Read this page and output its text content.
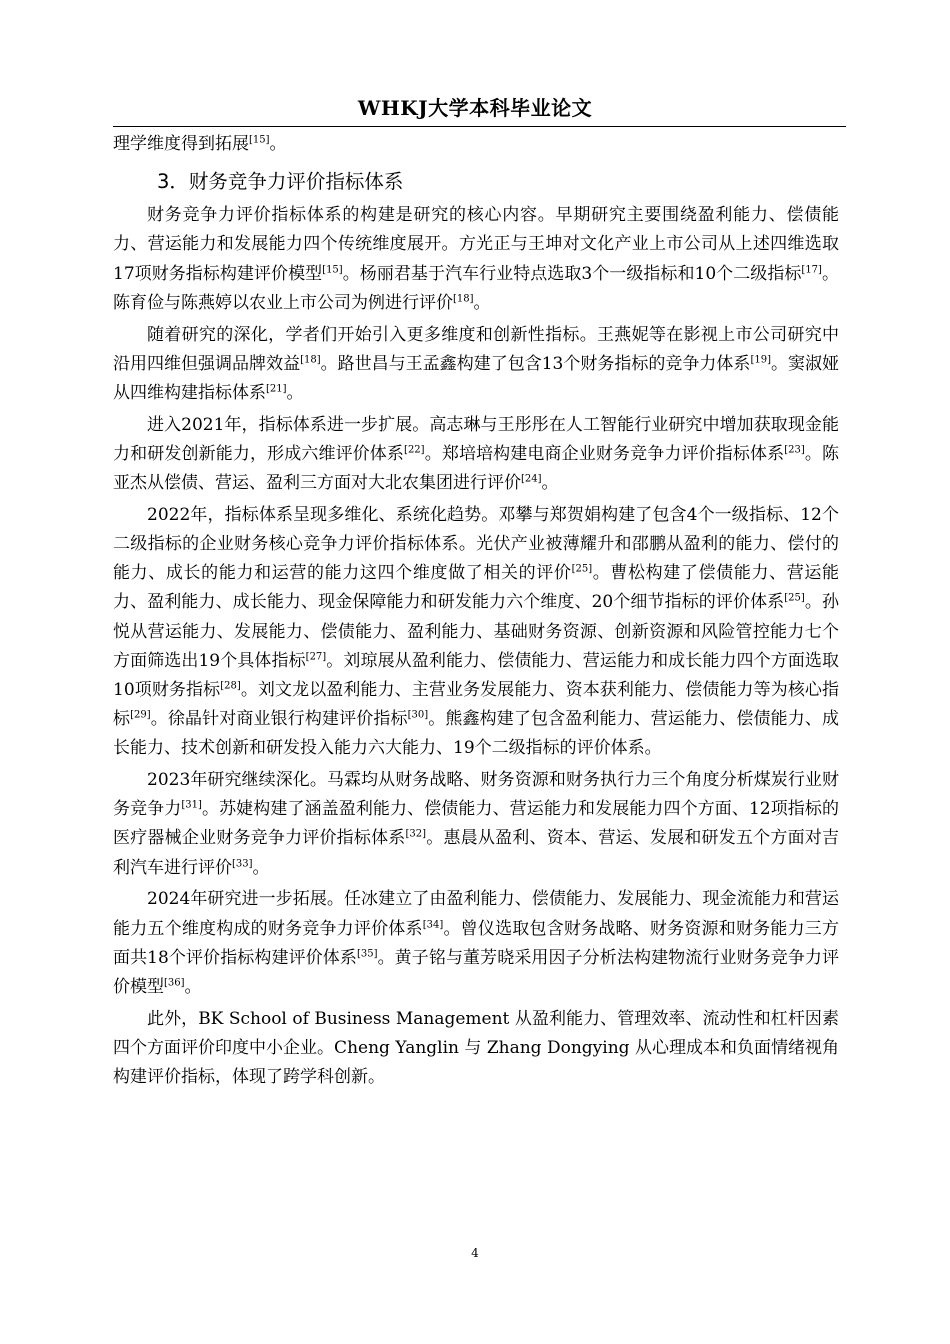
WHKJ大学本科毕业论文

理学维度得到拓展[15]。

3．财务竞争力评价指标体系

财务竞争力评价指标体系的构建是研究的核心内容。早期研究主要围绕盈利能力、偿债能力、营运能力和发展能力四个传统维度展开。方光正与王坤对文化产业上市公司从上述四维选取17项财务指标构建评价模型[15]。杨丽君基于汽车行业特点选取3个一级指标和10个二级指标[17]。陈育俭与陈燕婷以农业上市公司为例进行评价[18]。

随着研究的深化，学者们开始引入更多维度和创新性指标。王燕妮等在影视上市公司研究中沿用四维但强调品牌效益[18]。路世昌与王孟鑫构建了包含13个财务指标的竞争力体系[19]。窦淑娅从四维构建指标体系[21]。

进入2021年，指标体系进一步扩展。高志琳与王彤彤在人工智能行业研究中增加获取现金能力和研发创新能力，形成六维评价体系[22]。郑培培构建电商企业财务竞争力评价指标体系[23]。陈亚杰从偿债、营运、盈利三方面对大北农集团进行评价[24]。

2022年，指标体系呈现多维化、系统化趋势。邓攀与郑贺娟构建了包含4个一级指标、12个二级指标的企业财务核心竞争力评价指标体系。光伏产业被薄耀升和邵鹏从盈利的能力、偿付的能力、成长的能力和运营的能力这四个维度做了相关的评价[25]。曹松构建了偿债能力、营运能力、盈利能力、成长能力、现金保障能力和研发能力六个维度、20个细节指标的评价体系[25]。孙悦从营运能力、发展能力、偿债能力、盈利能力、基础财务资源、创新资源和风险管控能力七个方面筛选出19个具体指标[27]。刘琼展从盈利能力、偿债能力、营运能力和成长能力四个方面选取10项财务指标[28]。刘文龙以盈利能力、主营业务发展能力、资本获利能力、偿债能力等为核心指标[29]。徐晶针对商业银行构建评价指标[30]。熊鑫构建了包含盈利能力、营运能力、偿债能力、成长能力、技术创新和研发投入能力六大能力、19个二级指标的评价体系。

2023年研究继续深化。马霖均从财务战略、财务资源和财务执行力三个角度分析煤炭行业财务竞争力[31]。苏婕构建了涵盖盈利能力、偿债能力、营运能力和发展能力四个方面、12项指标的医疗器械企业财务竞争力评价指标体系[32]。惠晨从盈利、资本、营运、发展和研发五个方面对吉利汽车进行评价[33]。

2024年研究进一步拓展。任冰建立了由盈利能力、偿债能力、发展能力、现金流能力和营运能力五个维度构成的财务竞争力评价体系[34]。曾仪选取包含财务战略、财务资源和财务能力三方面共18个评价指标构建评价体系[35]。黄子铭与董芳晓采用因子分析法构建物流行业财务竞争力评价模型[36]。

此外，BK School of Business Management 从盈利能力、管理效率、流动性和杠杆因素四个方面评价印度中小企业。Cheng Yanglin 与 Zhang Dongying 从心理成本和负面情绪视角构建评价指标，体现了跨学科创新。

4
